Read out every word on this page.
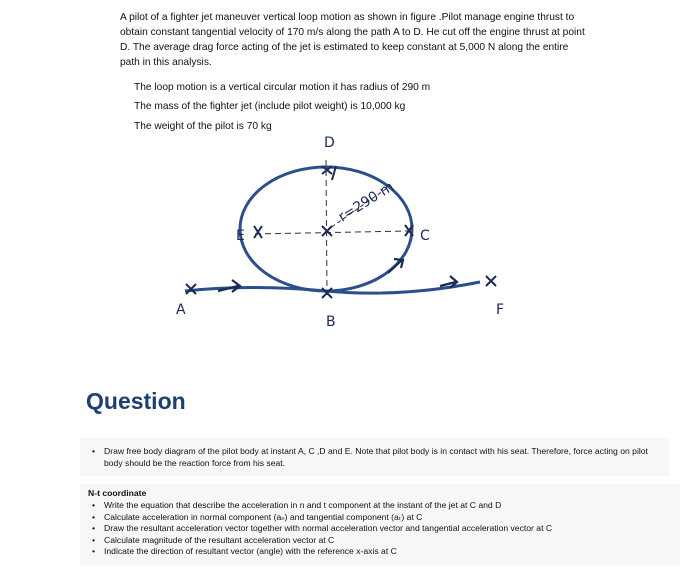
A pilot of a fighter jet maneuver vertical loop motion as shown in figure .Pilot manage engine thrust to obtain constant tangential velocity of 170 m/s along the path A to D. He cut off the engine thrust at point D. The average drag force acting of the jet is estimated to keep constant at 5,000 N along the entire path in this analysis.

The loop motion is a vertical circular motion it has radius of 290 m
The mass of the fighter jet (include pilot weight) is 10,000 kg
The weight of the pilot is 70 kg
D
E	C
A
B
F
r=290 m
Question
• Draw free body diagram of the pilot body at instant A, C ,D and E. Note that pilot body is in contact with his seat. Therefore, force acting on pilot body should be the reaction force from his seat.
N-t coordinate
• Write the equation that describe the acceleration in n and t component at the instant of the jet at C and D
• Calculate acceleration in normal component (aₙ) and tangential component (aₜ) at C
• Draw the resultant acceleration vector together with normal acceleration vector and tangential acceleration vector at C
• Calculate magnitude of the resultant acceleration vector at C
• Indicate the direction of resultant vector (angle) with the reference x-axis at C
